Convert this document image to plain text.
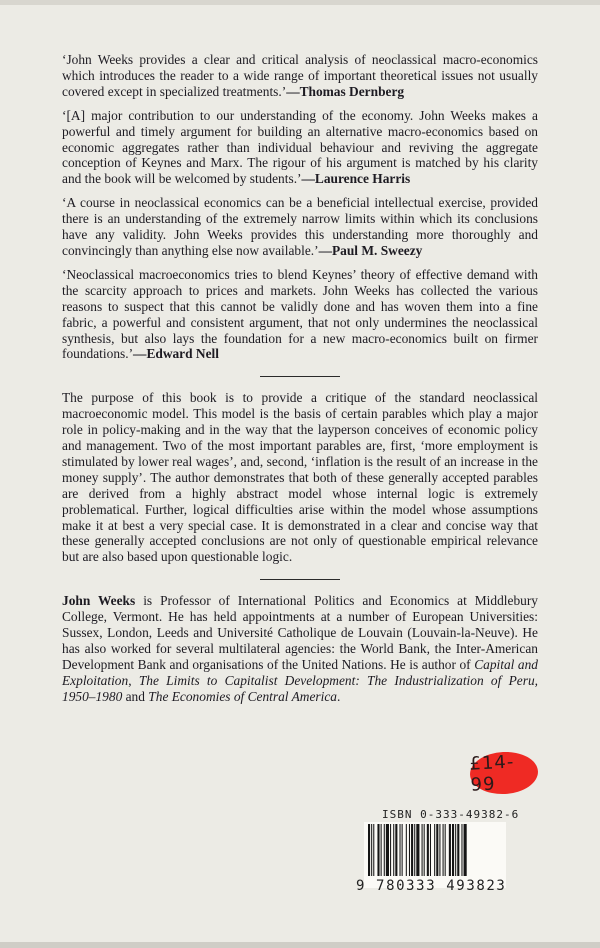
‘John Weeks provides a clear and critical analysis of neoclassical macro-economics which introduces the reader to a wide range of important theoretical issues not usually covered except in specialized treatments.’—Thomas Dernberg

‘[A] major contribution to our understanding of the economy. John Weeks makes a powerful and timely argument for building an alternative macro-economics based on economic aggregates rather than individual behaviour and reviving the aggregate conception of Keynes and Marx. The rigour of his argument is matched by his clarity and the book will be welcomed by students.’—Laurence Harris

‘A course in neoclassical economics can be a beneficial intellectual exercise, provided there is an understanding of the extremely narrow limits within which its conclusions have any validity. John Weeks provides this understanding more thoroughly and convincingly than anything else now available.’—Paul M. Sweezy

‘Neoclassical macroeconomics tries to blend Keynes’ theory of effective demand with the scarcity approach to prices and markets. John Weeks has collected the various reasons to suspect that this cannot be validly done and has woven them into a fine fabric, a powerful and consistent argument, that not only undermines the neoclassical synthesis, but also lays the foundation for a new macro-economics built on firmer foundations.’—Edward Nell

The purpose of this book is to provide a critique of the standard neoclassical macroeconomic model. This model is the basis of certain parables which play a major role in policy-making and in the way that the layperson conceives of economic policy and management. Two of the most important parables are, first, ‘more employment is stimulated by lower real wages’, and, second, ‘inflation is the result of an increase in the money supply’. The author demonstrates that both of these generally accepted parables are derived from a highly abstract model whose internal logic is extremely problematical. Further, logical difficulties arise within the model whose assumptions make it at best a very special case. It is demonstrated in a clear and concise way that these generally accepted conclusions are not only of questionable empirical relevance but are also based upon questionable logic.

John Weeks is Professor of International Politics and Economics at Middlebury College, Vermont. He has held appointments at a number of European Universities: Sussex, London, Leeds and Université Catholique de Louvain (Louvain-la-Neuve). He has also worked for several multilateral agencies: the World Bank, the Inter-American Development Bank and organisations of the United Nations. He is author of Capital and Exploitation, The Limits to Capitalist Development: The Industrialization of Peru, 1950–1980 and The Economies of Central America.

£14-99
ISBN 0-333-49382-6
9 780333 493823
